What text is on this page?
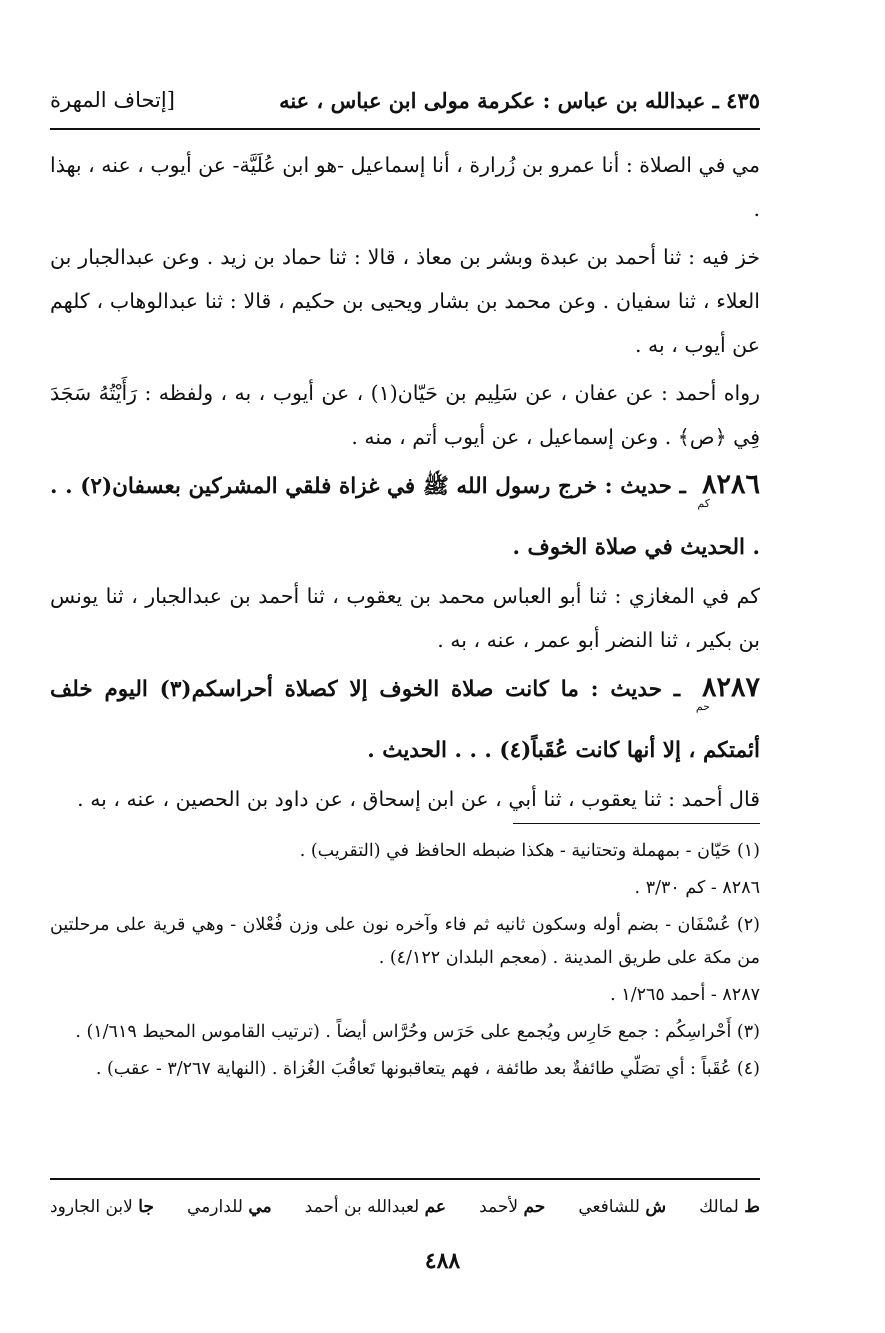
٤٣٥ ـ عبدالله بن عباس : عكرمة مولى ابن عباس ، عنه
[إتحاف المهرة

مي في الصلاة : أنا عمرو بن زُرارة ، أنا إسماعيل -هو ابن عُلَيَّة- عن أيوب ، عنه ، بهذا .

خز فيه : ثنا أحمد بن عبدة وبشر بن معاذ ، قالا : ثنا حماد بن زيد . وعن عبدالجبار بن العلاء ، ثنا سفيان . وعن محمد بن بشار ويحيى بن حكيم ، قالا : ثنا عبدالوهاب ، كلهم عن أيوب ، به .

رواه أحمد : عن عفان ، عن سَلِيم بن حَيّان(١) ، عن أيوب ، به ، ولفظه : رَأَيْتُهُ سَجَدَ فِي ﴿ص﴾ . وعن إسماعيل ، عن أيوب أتم ، منه .

$٨٢٨٦_{كم}$ ـ حديث : خرج رسول الله ﷺ في غزاة فلقي المشركين بعسفان(٢) . . . الحديث في صلاة الخوف .

كم في المغازي : ثنا أبو العباس محمد بن يعقوب ، ثنا أحمد بن عبدالجبار ، ثنا يونس بن بكير ، ثنا النضر أبو عمر ، عنه ، به .

$٨٢٨٧_{حم}$ ـ حديث : ما كانت صلاة الخوف إلا كصلاة أحراسكم(٣) اليوم خلف أئمتكم ، إلا أنها كانت عُقَباً(٤) . . . الحديث .

قال أحمد : ثنا يعقوب ، ثنا أبي ، عن ابن إسحاق ، عن داود بن الحصين ، عنه ، به .

(١) حَيّان - بمهملة وتحتانية - هكذا ضبطه الحافظ في (التقريب) .

٨٢٨٦ - كم ٣/٣٠ .

(٢) عُسْفَان - بضم أوله وسكون ثانيه ثم فاء وآخره نون على وزن فُعْلان - وهي قرية على مرحلتين من مكة على طريق المدينة . (معجم البلدان ٤/١٢٢) .

٨٢٨٧ - أحمد ١/٢٦٥ .

(٣) أَحْراسِكُم : جمع حَارِس ويُجمع على حَرَس وحُرَّاس أيضاً . (ترتيب القاموس المحيط ١/٦١٩) .

(٤) عُقَباً : أي تصَلّي طائفةٌ بعد طائفة ، فهم يتعاقبونها تَعاقُبَ الغُزاة . (النهاية ٣/٢٦٧ - عقب) .

ط لمالك
ش للشافعي
حم لأحمد
عم لعبدالله بن أحمد
مي للدارمي
جا لابن الجارود
٤٨٨
